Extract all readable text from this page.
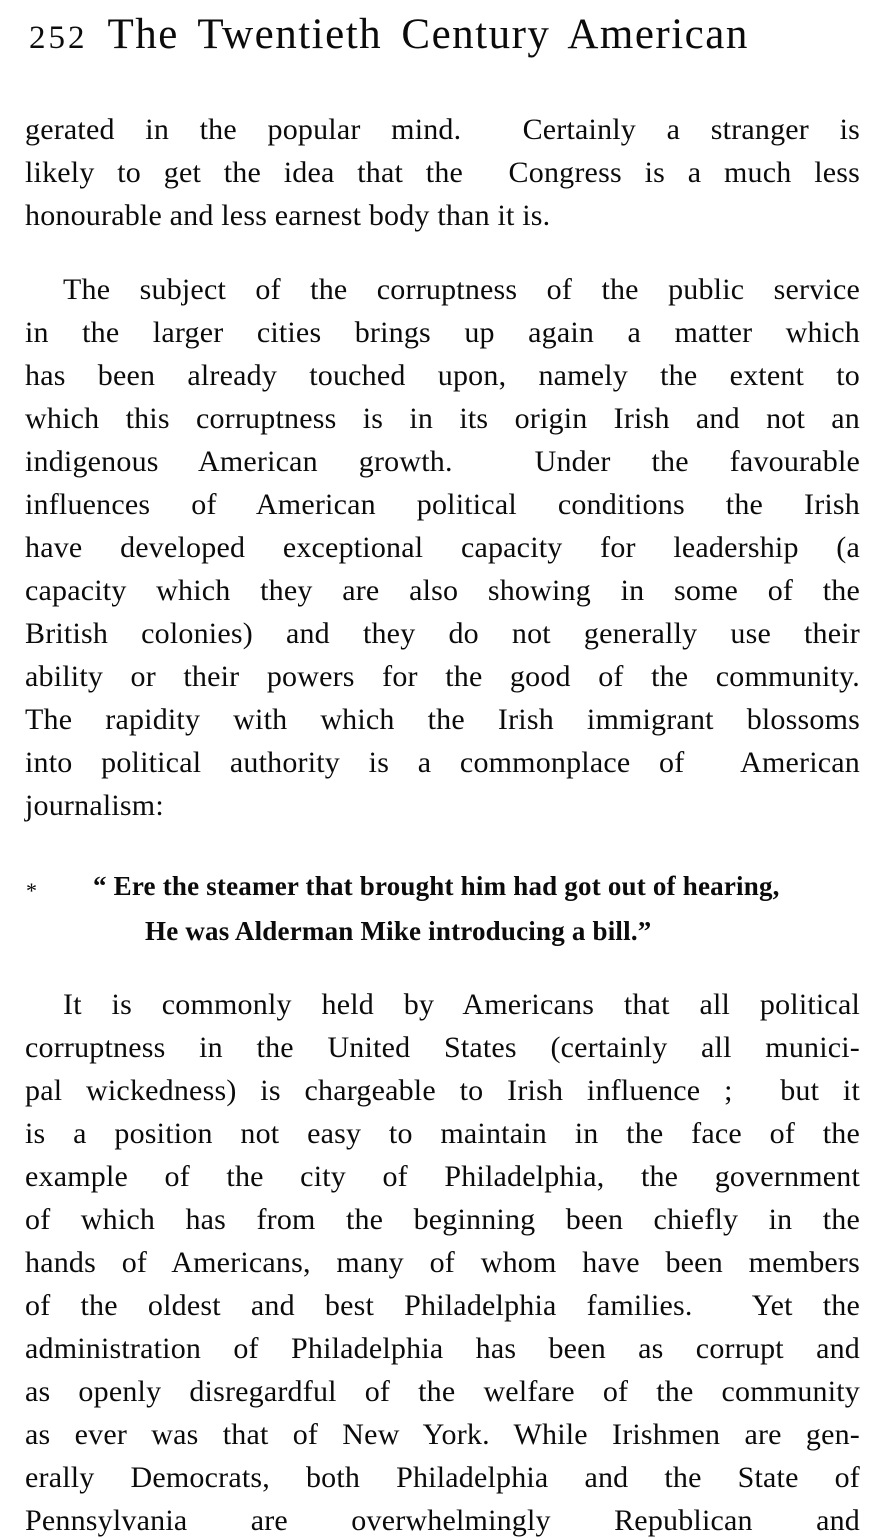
252 The Twentieth Century American
gerated in the popular mind.  Certainly a stranger is
likely to get the idea that the  Congress is a much less
honourable and less earnest body than it is.
The subject of the corruptness of the public service
in the larger cities brings up again a matter which
has been already touched upon, namely the extent to
which this corruptness is in its origin Irish and not an
indigenous American growth.  Under the favourable
influences of American political conditions the Irish
have developed exceptional capacity for leadership (a
capacity which they are also showing in some of the
British colonies) and they do not generally use their
ability or their powers for the good of the community.
The rapidity with which the Irish immigrant blossoms
into political authority is a commonplace of  American
journalism:
* “ Ere the steamer that brought him had got out of hearing,
He was Alderman Mike introducing a bill.”
It is commonly held by Americans that all political
corruptness in the United States (certainly all munici-
pal wickedness) is chargeable to Irish influence ;  but it
is a position not easy to maintain in the face of the
example of the city of Philadelphia, the government
of which has from the beginning been chiefly in the
hands of Americans, many of whom have been members
of the oldest and best Philadelphia families.  Yet the
administration of Philadelphia has been as corrupt and
as openly disregardful of the welfare of the community
as ever was that of New York. While Irishmen are gen-
erally Democrats, both Philadelphia and the State of
Pennsylvania are overwhelmingly Republican and
